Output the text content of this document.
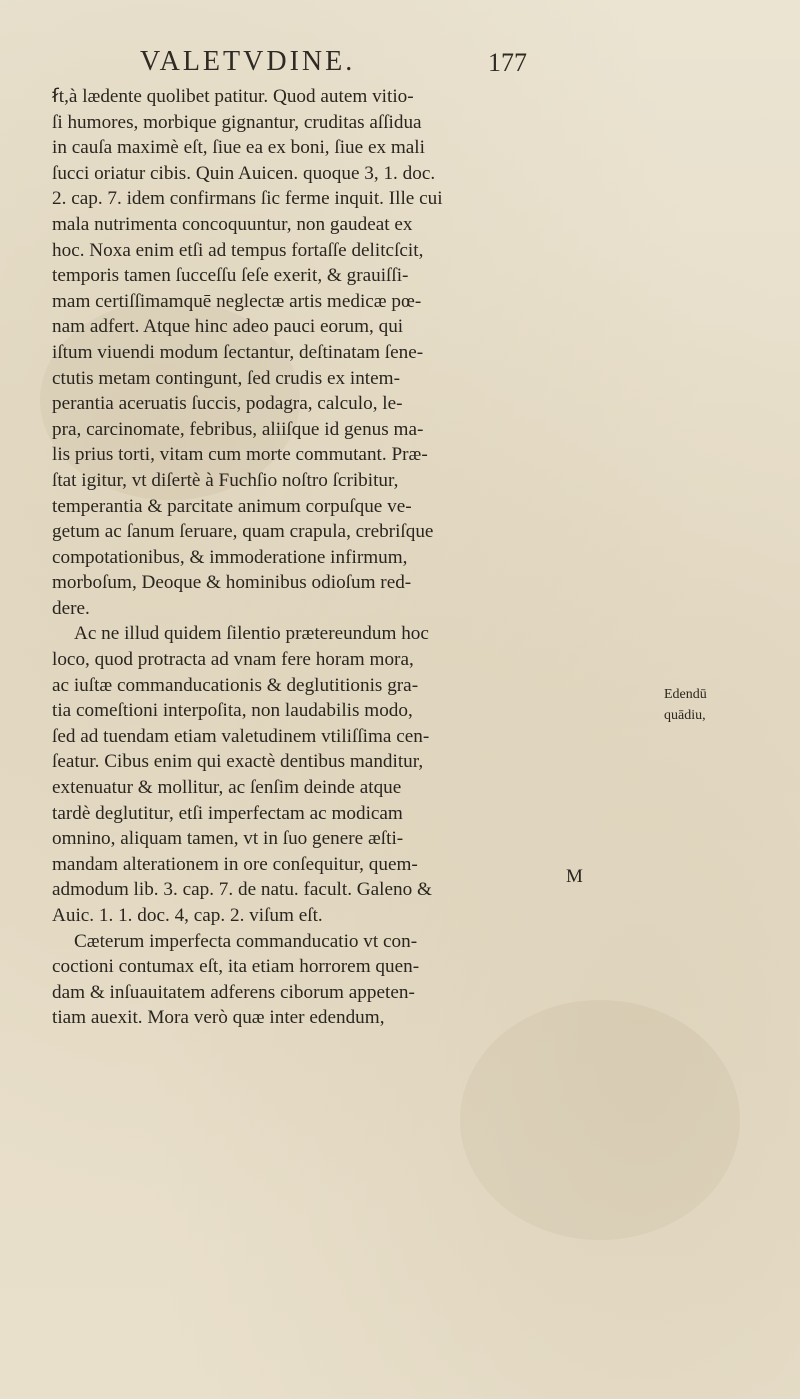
VALETVDINE.	177
ẜt,à lædente quolibet patitur. Quod autem vitio-
ſi humores, morbique gignantur, cruditas aſſidua
in cauſa maximè eſt, ſiue ea ex boni, ſiue ex mali
ſucci oriatur cibis. Quin Auicen. quoque 3, 1. doc.
2. cap. 7. idem confirmans ſic ferme inquit. Ille cui
mala nutrimenta concoquuntur, non gaudeat ex
hoc. Noxa enim etſi ad tempus fortaſſe delitcſcit,
temporis tamen ſucceſſu ſeſe exerit, & grauiſſi-
mam certiſſimamquē neglectæ artis medicæ pœ-
nam adfert. Atque hinc adeo pauci eorum, qui
iſtum viuendi modum ſectantur, deſtinatam ſene-
ctutis metam contingunt, ſed crudis ex intem-
perantia aceruatis ſuccis, podagra, calculo, le-
pra, carcinomate, febribus, aliiſque id genus ma-
lis prius torti, vitam cum morte commutant. Præ-
ſtat igitur, vt diſertè à Fuchſio noſtro ſcribitur,
temperantia & parcitate animum corpuſque ve-
getum ac ſanum ſeruare, quam crapula, crebriſque
compotationibus, & immoderatione infirmum,
morboſum, Deoque & hominibus odioſum red-
dere.
Ac ne illud quidem ſilentio prætereundum hoc
loco, quod protracta ad vnam fere horam mora,
ac iuſtæ commanducationis & deglutitionis gra-
tia comeſtioni interpoſita, non laudabilis modo,
ſed ad tuendam etiam valetudinem vtiliſſima cen-
ſeatur. Cibus enim qui exactè dentibus manditur,
extenuatur & mollitur, ac ſenſim deinde atque
tardè deglutitur, etſi imperfectam ac modicam
omnino, aliquam tamen, vt in ſuo genere æſti-
mandam alterationem in ore conſequitur, quem-
admodum lib. 3. cap. 7. de natu. facult. Galeno &
Auic. 1. 1. doc. 4, cap. 2. viſum eſt.
Cæterum imperfecta commanducatio vt con-
coctioni contumax eſt, ita etiam horrorem quen-
dam & inſuauitatem adferens ciborum appeten-
tiam auexit. Mora verò quæ inter edendum,
Edendū
quādiu,
M
